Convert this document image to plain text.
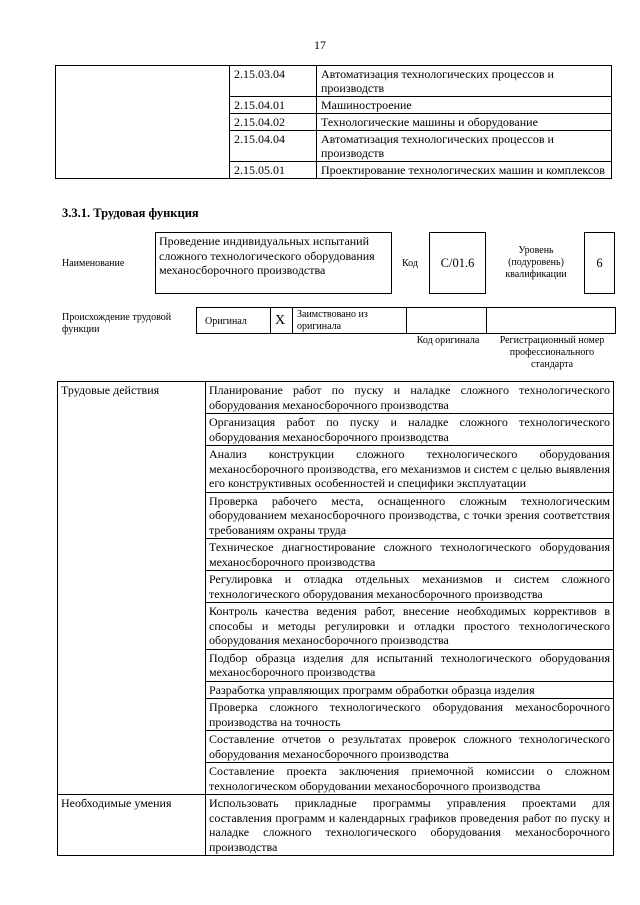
17
	2.15.03.04	Автоматизация технологических процессов и производств
	2.15.04.01	Машиностроение
	2.15.04.02	Технологические машины и оборудование
	2.15.04.04	Автоматизация технологических процессов и производств
	2.15.05.01	Проектирование технологических машин и комплексов
3.3.1. Трудовая функция
Наименование
Проведение индивидуальных испытаний сложного технологического оборудования механосборочного производства	Код	C/01.6
Уровень (подуровень) квалификации
6
Происхождение трудовой функции
Оригинал X Заимствовано из оригинала
Код оригинала	Регистрационный номер профессионального стандарта
Трудовые действия	Планирование работ по пуску и наладке сложного технологического оборудования механосборочного производства
	Организация работ по пуску и наладке сложного технологического оборудования механосборочного производства
	Анализ конструкции сложного технологического оборудования механосборочного производства, его механизмов и систем с целью выявления его конструктивных особенностей и специфики эксплуатации
	Проверка рабочего места, оснащенного сложным технологическим оборудованием механосборочного производства, с точки зрения соответствия требованиям охраны труда
	Техническое диагностирование сложного технологического оборудования механосборочного производства
	Регулировка и отладка отдельных механизмов и систем сложного технологического оборудования механосборочного производства
	Контроль качества ведения работ, внесение необходимых коррективов в способы и методы регулировки и отладки простого технологического оборудования механосборочного производства
	Подбор образца изделия для испытаний технологического оборудования механосборочного производства
	Разработка управляющих программ обработки образца изделия
	Проверка сложного технологического оборудования механосборочного производства на точность
	Составление отчетов о результатах проверок сложного технологического оборудования механосборочного производства
	Составление проекта заключения приемочной комиссии о сложном технологическом оборудовании механосборочного производства
Необходимые умения	Использовать прикладные программы управления проектами для составления программ и календарных графиков проведения работ по пуску и наладке сложного технологического оборудования механосборочного производства
